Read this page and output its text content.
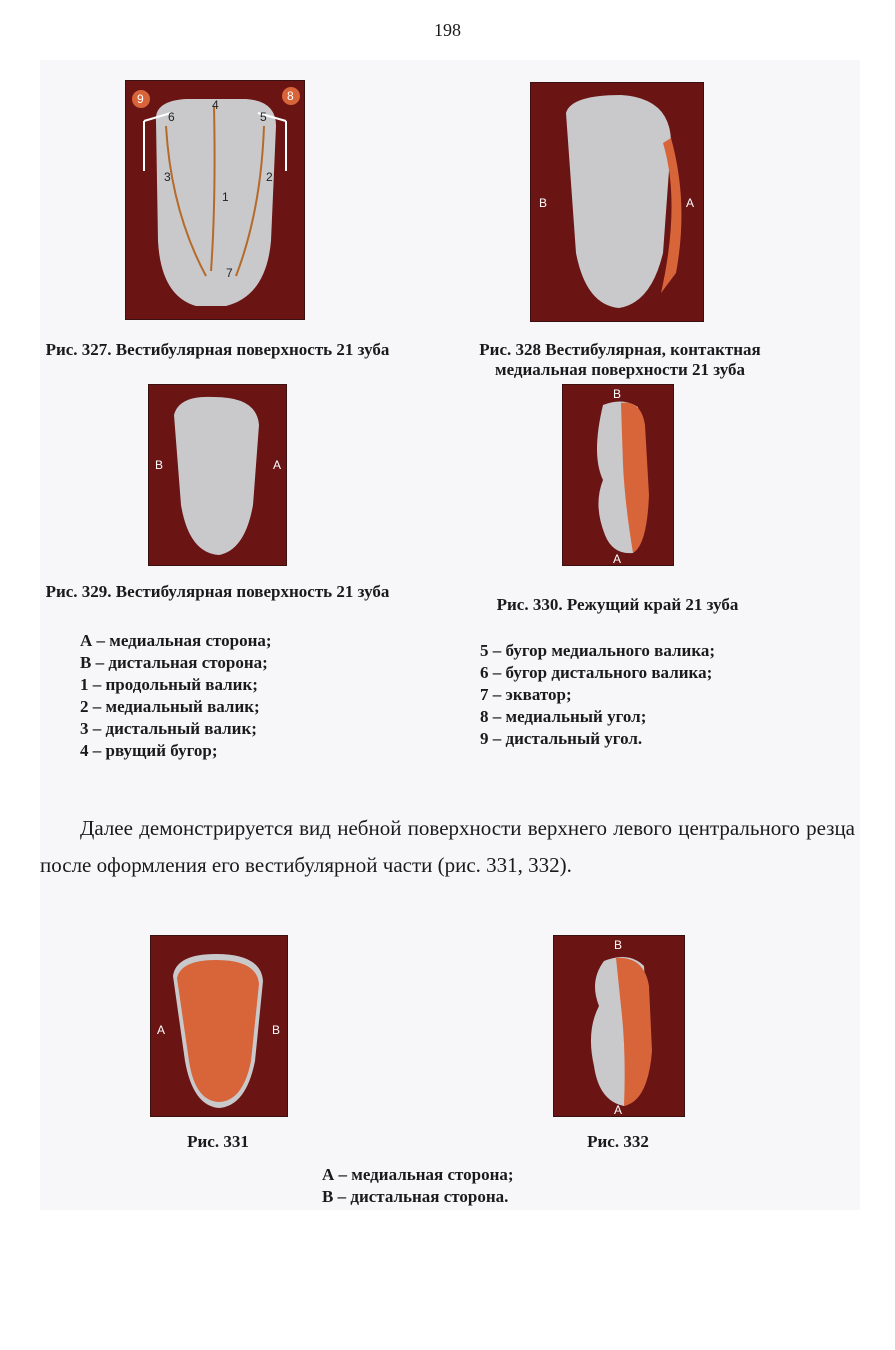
198
9	8
6
4
5
3	2
1
7
Рис. 327. Вестибулярная поверхность 21 зуба
B	A
Рис. 328 Вестибулярная, контактная медиальная поверхности 21 зуба
B	A
B
A
Рис. 329. Вестибулярная поверхность 21 зуба
Рис. 330. Режущий край 21 зуба
А – медиальная сторона;
В – дистальная сторона;
1 – продольный валик;
2 – медиальный валик;
3 – дистальный валик;
4 – рвущий бугор;
5 – бугор медиального валика;
6 – бугор дистального валика;
7 – экватор;
8 – медиальный угол;
9 – дистальный угол.

Далее демонстрируется вид небной поверхности верхнего левого центрального резца после оформления его вестибулярной части (рис. 331, 332).

A	B
B
A
Рис. 331	Рис. 332
А – медиальная сторона;
В – дистальная сторона.
